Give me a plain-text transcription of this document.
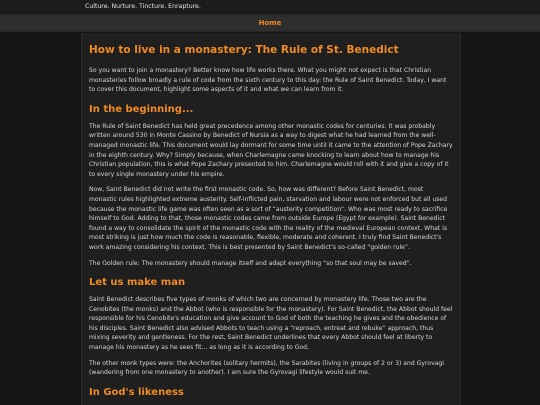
Culture. Nurture. Tincture. Enrapture.
Home
How to live in a monastery: The Rule of St. Benedict

So you want to join a monastery? Better know how life works there. What you might not expect is that Christian monasteries follow broadly a rule of code from the sixth century to this day: the Rule of Saint Benedict. Today, I want to cover this document, highlight some aspects of it and what we can learn from it.

In the beginning...

The Rule of Saint Benedict has held great precedence among other monastic codes for centuries. It was probably written around 530 in Monte Cassino by Benedict of Nursia as a way to digest what he had learned from the well-managed monastic life. This document would lay dormant for some time until it came to the attention of Pope Zachary in the eighth century. Why? Simply because, when Charlemagne came knocking to learn about how to manage his Christian population, this is what Pope Zachary presented to him. Charlemagne would roll with it and give a copy of it to every single monastery under his empire.

Now, Saint Benedict did not write the first monastic code. So, how was different? Before Saint Benedict, most monastic rules highlighted extreme austerity. Self-inflicted pain, starvation and labour were not enforced but all used because the monastic life game was often seen as a sort of “austerity competition”. Who was most ready to sacrifice himself to God. Adding to that, those monastic codes came from outside Europe (Egypt for example). Saint Benedict found a way to consolidate the spirit of the monastic code with the reality of the medieval European context. What is most striking is just how much the code is reasonable, flexible, moderate and coherent. I truly find Saint Benedict's work amazing considering his context. This is best presented by Saint Benedict's so-called “golden rule”.

The Golden rule: The monastery should manage itself and adapt everything “so that soul may be saved”.

Let us make man

Saint Benedict describes five types of monks of which two are concerned by monastery life. Those two are the Cenobites (the monks) and the Abbot (who is responsible for the monastery). For Saint Benedict, the Abbot should feel responsible for his Cenobite's education and give account to God of both the teaching he gives and the obedience of his disciples. Saint Benedict also advised Abbots to teach using a “reproach, entreat and rebuke” approach, thus mixing severity and gentleness. For the rest, Saint Benedict underlines that every Abbot should feel at liberty to manage his monastery as he sees fit... as long as it is according to God.

The other monk types were: the Anchorites (solitary hermits), the Sarabites (living in groups of 2 or 3) and Gyrovagi (wandering from one monastery to another). I am sure the Gyrovagi lifestyle would suit me.

In God's likeness
